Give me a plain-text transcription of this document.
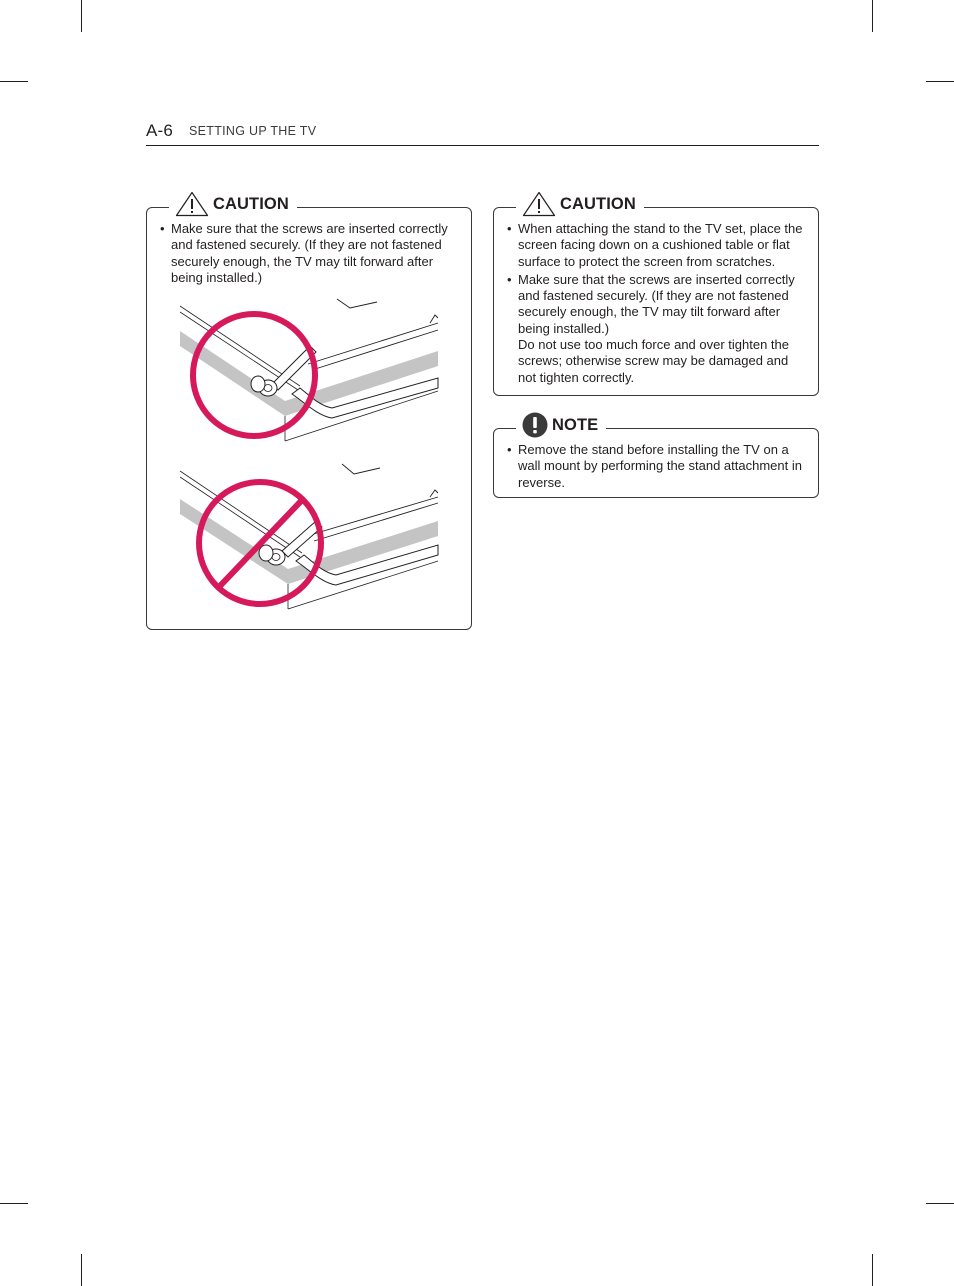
A-6 SETTING UP THE TV
CAUTION
• Make sure that the screws are inserted correctly and fastened securely. (If they are not fastened securely enough, the TV may tilt forward after being installed.)
CAUTION
• When attaching the stand to the TV set, place the screen facing down on a cushioned table or flat surface to protect the screen from scratches.
• Make sure that the screws are inserted correctly and fastened securely. (If they are not fastened securely enough, the TV may tilt forward after being installed.)
Do not use too much force and over tighten the screws; otherwise screw may be damaged and not tighten correctly.
NOTE
• Remove the stand before installing the TV on a wall mount by performing the stand attachment in reverse.
